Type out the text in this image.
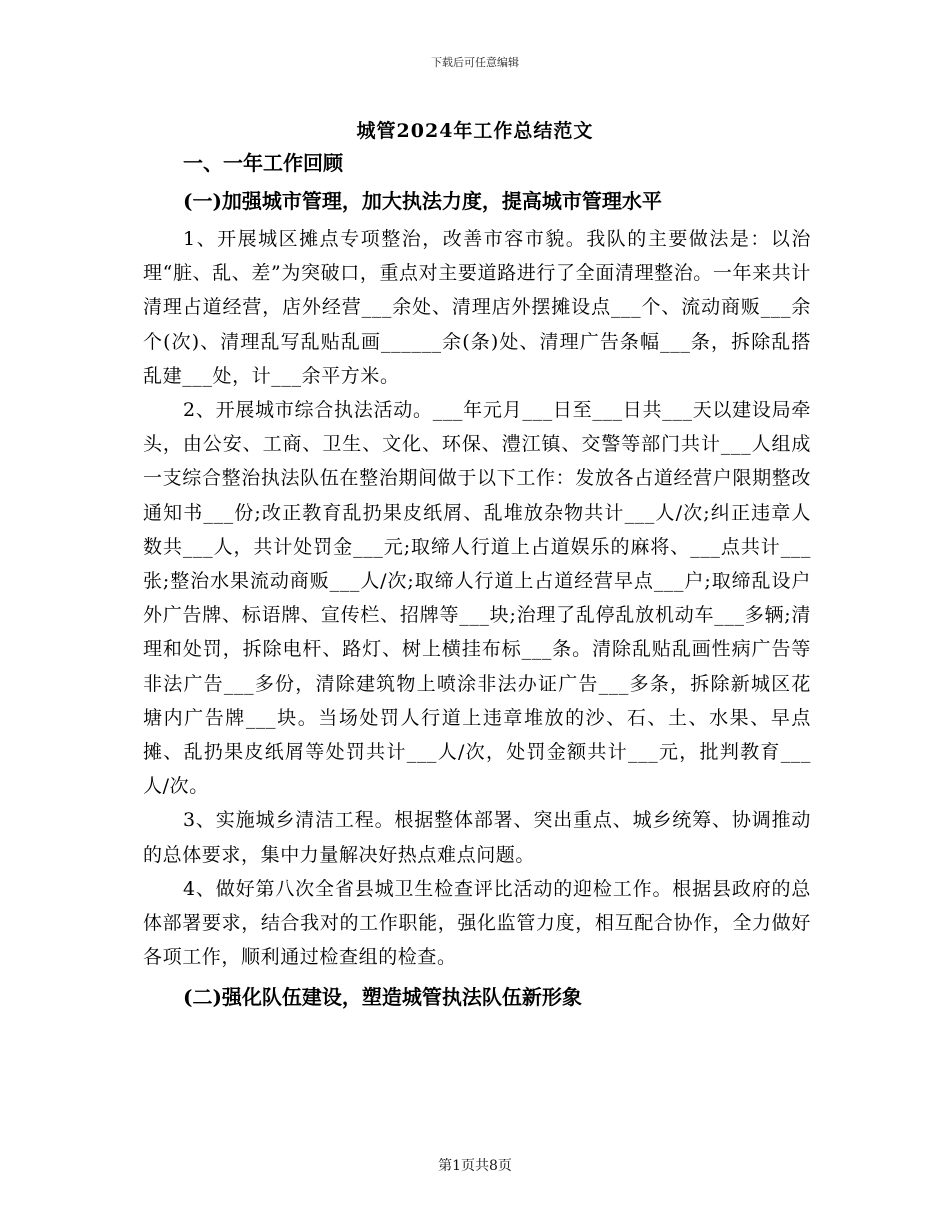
下载后可任意编辑
城管2024年工作总结范文
一、一年工作回顾
(一)加强城市管理，加大执法力度，提高城市管理水平

1、开展城区摊点专项整治，改善市容市貌。我队的主要做法是：以治理“脏、乱、差”为突破口，重点对主要道路进行了全面清理整治。一年来共计清理占道经营，店外经营___余处、清理店外摆摊设点___个、流动商贩___余个(次)、清理乱写乱贴乱画______余(条)处、清理广告条幅___条，拆除乱搭乱建___处，计___余平方米。

2、开展城市综合执法活动。___年元月___日至___日共___天以建设局牵头，由公安、工商、卫生、文化、环保、澧江镇、交警等部门共计___人组成一支综合整治执法队伍在整治期间做于以下工作：发放各占道经营户限期整改通知书___份;改正教育乱扔果皮纸屑、乱堆放杂物共计___人/次;纠正违章人数共___人，共计处罚金___元;取缔人行道上占道娱乐的麻将、___点共计___张;整治水果流动商贩___人/次;取缔人行道上占道经营早点___户;取缔乱设户外广告牌、标语牌、宣传栏、招牌等___块;治理了乱停乱放机动车___多辆;清理和处罚，拆除电杆、路灯、树上横挂布标___条。清除乱贴乱画性病广告等非法广告___多份，清除建筑物上喷涂非法办证广告___多条，拆除新城区花塘内广告牌___块。当场处罚人行道上违章堆放的沙、石、土、水果、早点摊、乱扔果皮纸屑等处罚共计___人/次，处罚金额共计___元，批判教育___人/次。

3、实施城乡清洁工程。根据整体部署、突出重点、城乡统筹、协调推动的总体要求，集中力量解决好热点难点问题。

4、做好第八次全省县城卫生检查评比活动的迎检工作。根据县政府的总体部署要求，结合我对的工作职能，强化监管力度，相互配合协作，全力做好各项工作，顺利通过检查组的检查。

(二)强化队伍建设，塑造城管执法队伍新形象
第1页共8页
